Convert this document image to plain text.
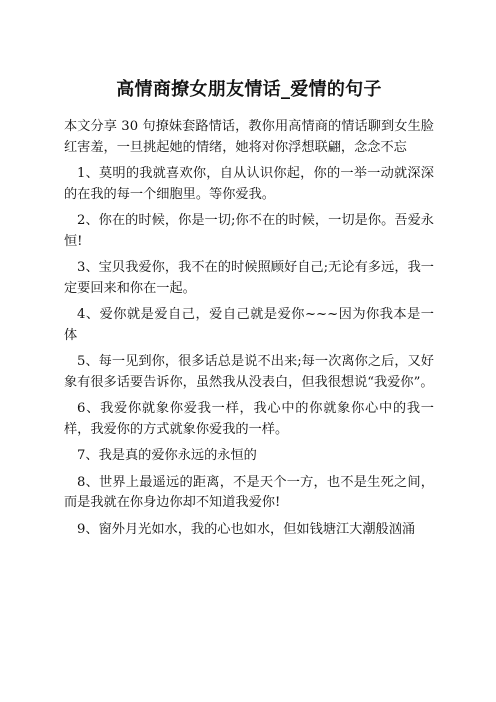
高情商撩女朋友情话_爱情的句子
本文分享 30 句撩妹套路情话，教你用高情商的情话聊到女生脸红害羞，一旦挑起她的情绪，她将对你浮想联翩，念念不忘
1、莫明的我就喜欢你，自从认识你起，你的一举一动就深深的在我的每一个细胞里。等你爱我。
2、你在的时候，你是一切;你不在的时候，一切是你。吾爱永恒!
3、宝贝我爱你，我不在的时候照顾好自己;无论有多远，我一定要回来和你在一起。
4、爱你就是爱自己，爱自己就是爱你~~~因为你我本是一体
5、每一见到你，很多话总是说不出来;每一次离你之后，又好象有很多话要告诉你，虽然我从没表白，但我很想说“我爱你”。
6、我爱你就象你爱我一样，我心中的你就象你心中的我一样，我爱你的方式就象你爱我的一样。
7、我是真的爱你永远的永恒的
8、世界上最遥远的距离，不是天个一方，也不是生死之间，而是我就在你身边你却不知道我爱你!
9、窗外月光如水，我的心也如水，但如钱塘江大潮般汹涌
